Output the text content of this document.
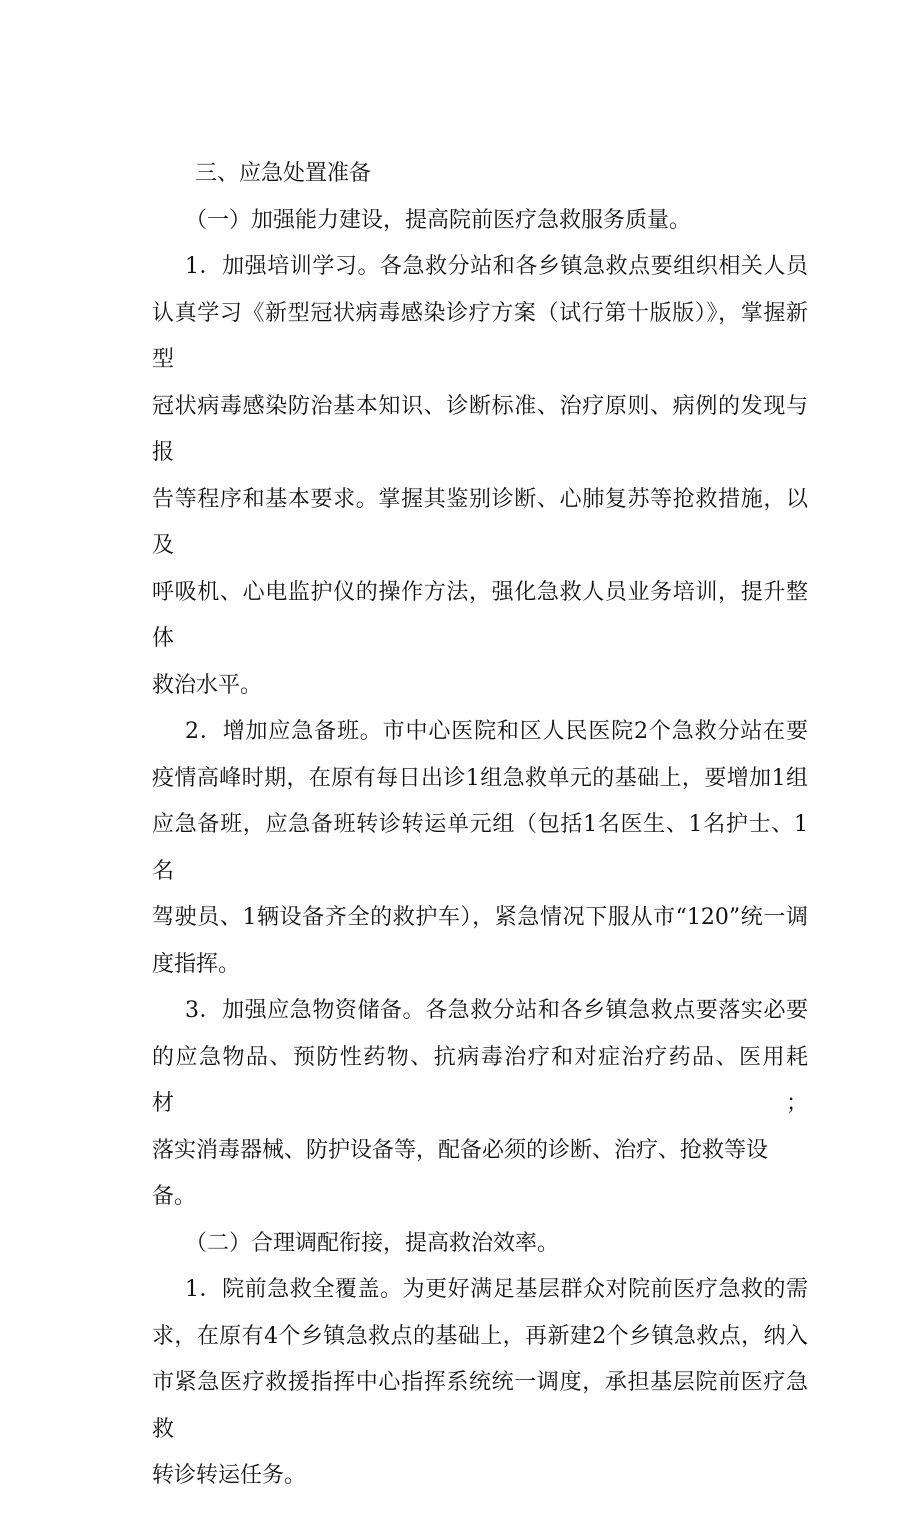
三、应急处置准备
（一）加强能力建设，提高院前医疗急救服务质量。
1．加强培训学习。各急救分站和各乡镇急救点要组织相关人员
认真学习《新型冠状病毒感染诊疗方案（试行第十版版）》，掌握新型
冠状病毒感染防治基本知识、诊断标准、治疗原则、病例的发现与报
告等程序和基本要求。掌握其鉴别诊断、心肺复苏等抢救措施，以及
呼吸机、心电监护仪的操作方法，强化急救人员业务培训，提升整体
救治水平。
2．增加应急备班。市中心医院和区人民医院2个急救分站在要
疫情高峰时期，在原有每日出诊1组急救单元的基础上，要增加1组
应急备班，应急备班转诊转运单元组（包括1名医生、1名护士、1名
驾驶员、1辆设备齐全的救护车），紧急情况下服从市“120”统一调
度指挥。
3．加强应急物资储备。各急救分站和各乡镇急救点要落实必要
的应急物品、预防性药物、抗病毒治疗和对症治疗药品、医用耗材；
落实消毒器械、防护设备等，配备必须的诊断、治疗、抢救等设备。
（二）合理调配衔接，提高救治效率。
1．院前急救全覆盖。为更好满足基层群众对院前医疗急救的需
求，在原有4个乡镇急救点的基础上，再新建2个乡镇急救点，纳入
市紧急医疗救援指挥中心指挥系统统一调度，承担基层院前医疗急救
转诊转运任务。
